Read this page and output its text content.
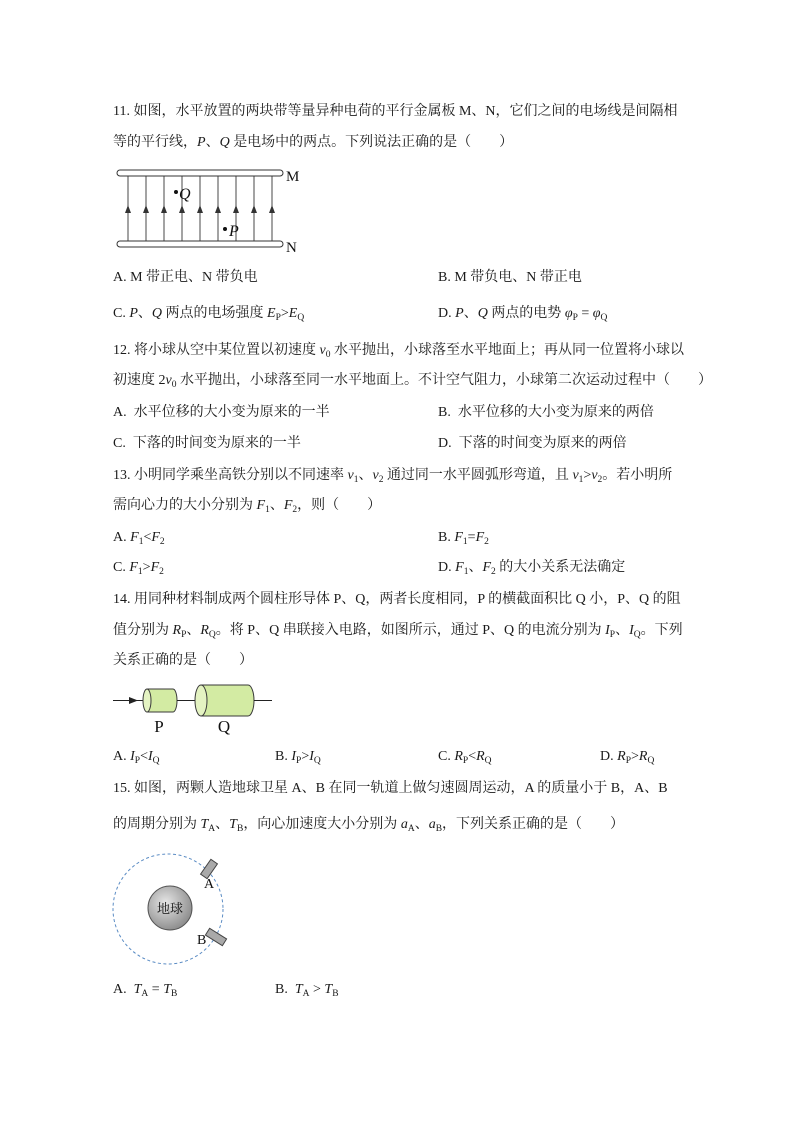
11. 如图，水平放置的两块带等量异种电荷的平行金属板 M、N，它们之间的电场线是间隔相
等的平行线，P、Q 是电场中的两点。下列说法正确的是（　　）
Q
P
M
N
A. M 带正电、N 带负电	B. M 带负电、N 带正电
C. P、Q 两点的电场强度 $E_P>E_Q$	D. P、Q 两点的电势 $\varphi_P = \varphi_Q$
12. 将小球从空中某位置以初速度 $v_0$ 水平抛出，小球落至水平地面上；再从同一位置将小球以
初速度 $2v_0$ 水平抛出，小球落至同一水平地面上。不计空气阻力，小球第二次运动过程中（　　）
A.  水平位移的大小变为原来的一半	B.  水平位移的大小变为原来的两倍
C.  下落的时间变为原来的一半	D.  下落的时间变为原来的两倍
13. 小明同学乘坐高铁分别以不同速率 $v_1$、$v_2$ 通过同一水平圆弧形弯道，且 $v_1>v_2$。若小明所
需向心力的大小分别为 $F_1$、$F_2$，则（　　）
A. $F_1<F_2$	B. $F_1=F_2$
C. $F_1>F_2$	D. $F_1$、$F_2$ 的大小关系无法确定
14. 用同种材料制成两个圆柱形导体 P、Q，两者长度相同，P 的横截面积比 Q 小，P、Q 的阻
值分别为 $R_P$、$R_Q$。将 P、Q 串联接入电路，如图所示，通过 P、Q 的电流分别为 $I_P$、$I_Q$。下列
关系正确的是（　　）
P	Q
A. $I_P<I_Q$	B. $I_P>I_Q$	C. $R_P<R_Q$	D. $R_P>R_Q$
15. 如图，两颗人造地球卫星 A、B 在同一轨道上做匀速圆周运动，A 的质量小于 B，A、B
的周期分别为 $T_A$、$T_B$，向心加速度大小分别为 $a_A$、$a_B$，下列关系正确的是（　　）
地球
A
B
A.  $T_A = T_B$	B.  $T_A > T_B$
